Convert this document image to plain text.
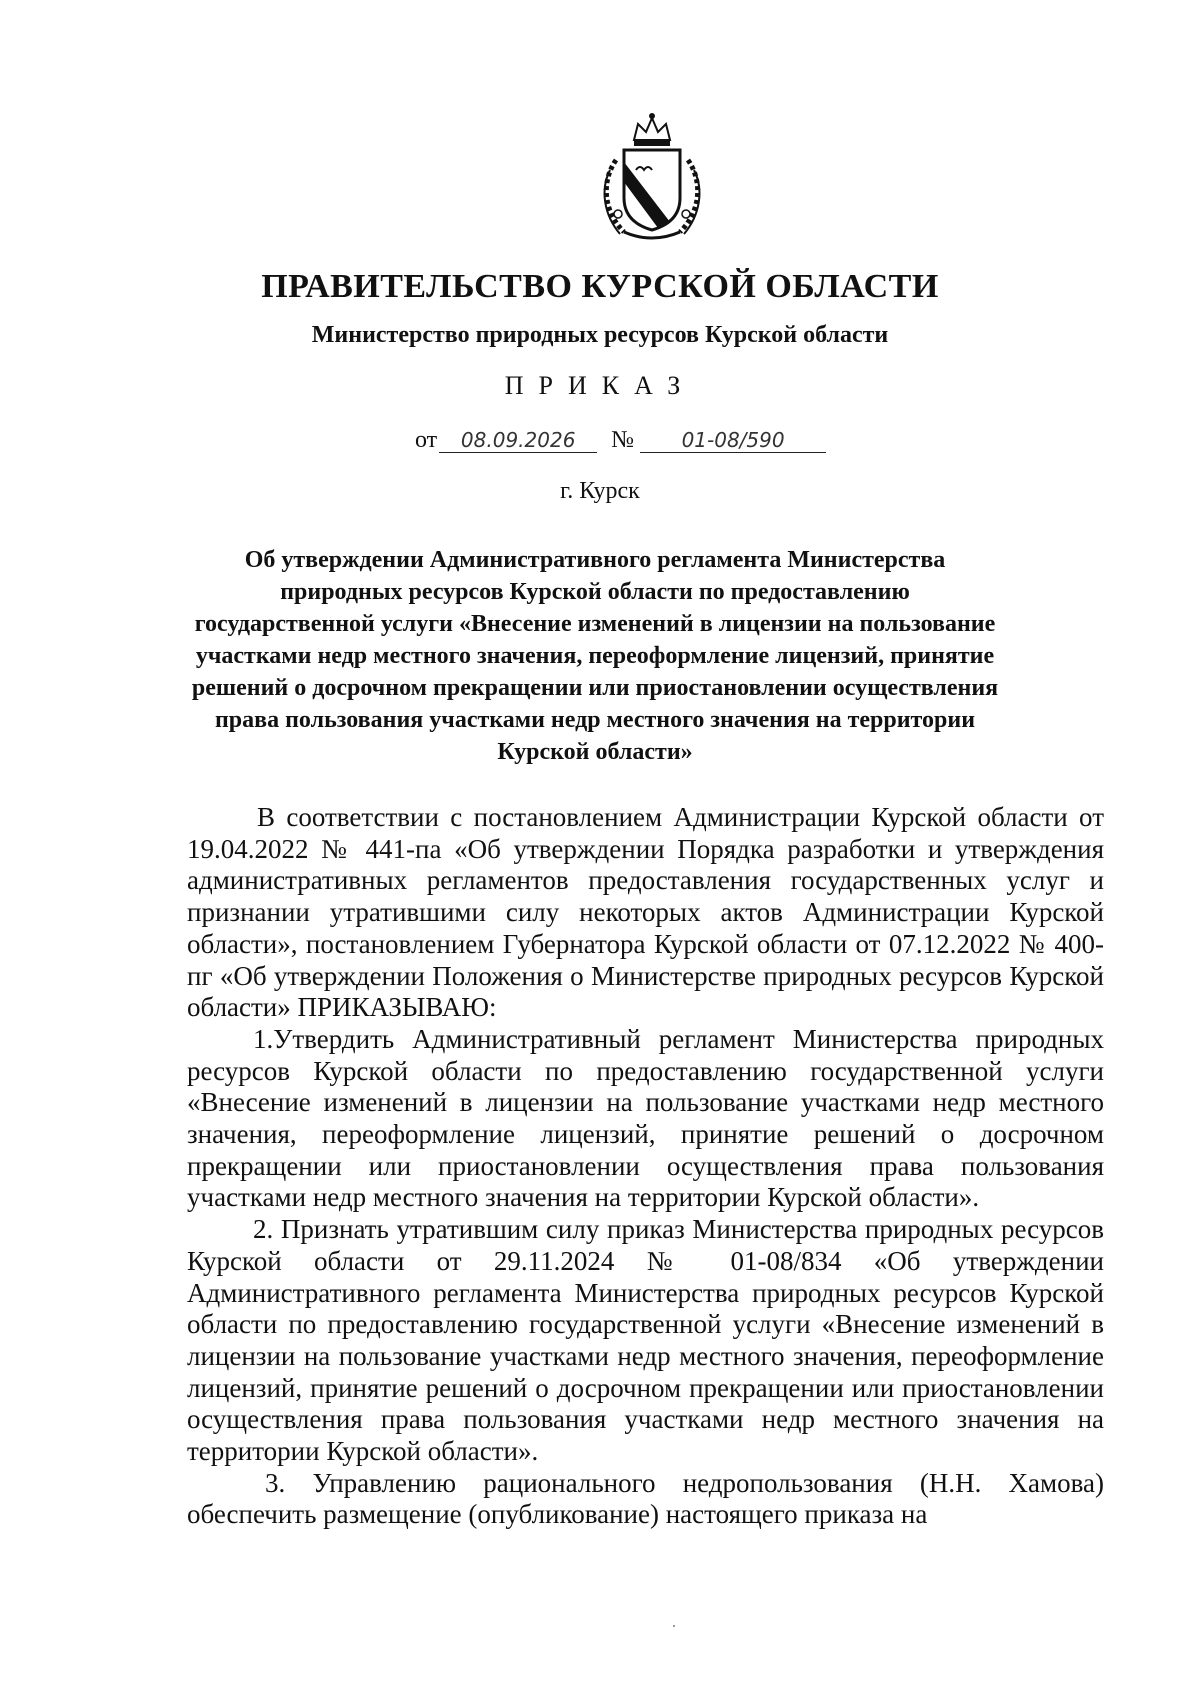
ПРАВИТЕЛЬСТВО КУРСКОЙ ОБЛАСТИ
Министерство природных ресурсов Курской области
ПРИКАЗ
от 08.09.2026 № 01-08/590
г. Курск
Об утверждении Административного регламента Министерства природных ресурсов Курской области по предоставлению государственной услуги «Внесение изменений в лицензии на пользование участками недр местного значения, переоформление лицензий, принятие решений о досрочном прекращении или приостановлении осуществления права пользования участками недр местного значения на территории Курской области»

В соответствии с постановлением Администрации Курской области от 19.04.2022 № 441-па «Об утверждении Порядка разработки и утверждения административных регламентов предоставления государственных услуг и признании утратившими силу некоторых актов Администрации Курской области», постановлением Губернатора Курской области от 07.12.2022 № 400-пг «Об утверждении Положения о Министерстве природных ресурсов Курской области» ПРИКАЗЫВАЮ:

1.Утвердить Административный регламент Министерства природных ресурсов Курской области по предоставлению государственной услуги «Внесение изменений в лицензии на пользование участками недр местного значения, переоформление лицензий, принятие решений о досрочном прекращении или приостановлении осуществления права пользования участками недр местного значения на территории Курской области».

2. Признать утратившим силу приказ Министерства природных ресурсов Курской области от 29.11.2024 № 01-08/834 «Об утверждении Административного регламента Министерства природных ресурсов Курской области по предоставлению государственной услуги «Внесение изменений в лицензии на пользование участками недр местного значения, переоформление лицензий, принятие решений о досрочном прекращении или приостановлении осуществления права пользования участками недр местного значения на территории Курской области».

3. Управлению рационального недропользования (Н.Н. Хамова) обеспечить размещение (опубликование) настоящего приказа на
